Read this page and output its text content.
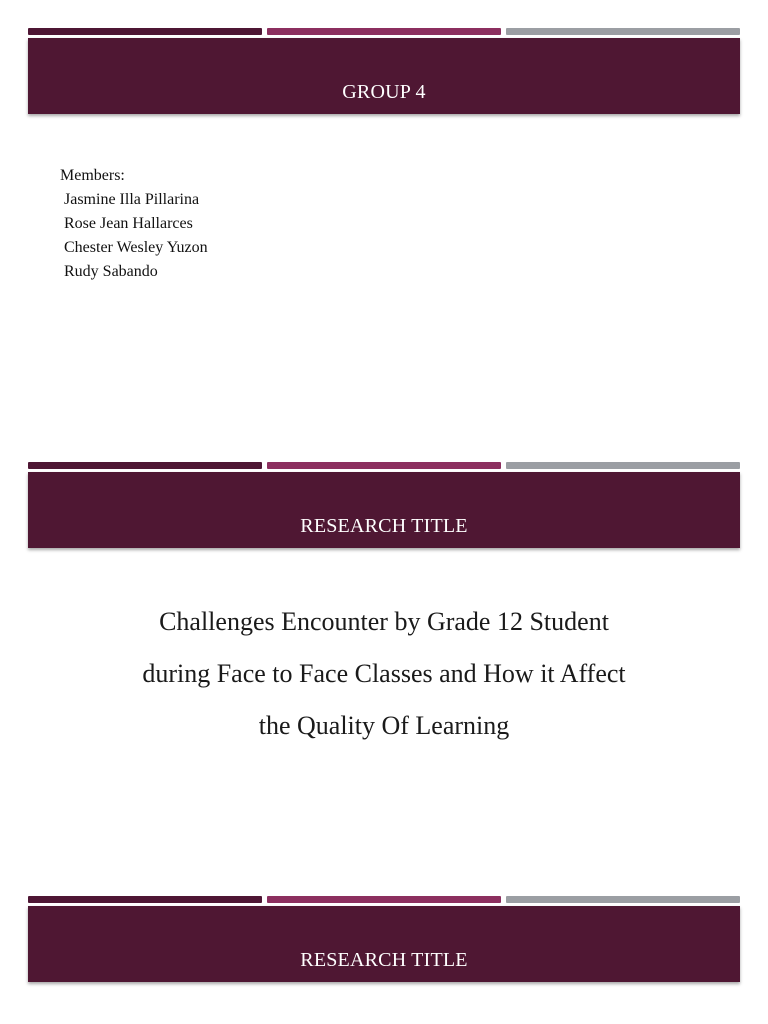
GROUP 4
Members:
Jasmine Illa Pillarina
Rose Jean Hallarces
Chester Wesley Yuzon
Rudy Sabando
RESEARCH TITLE
Challenges Encounter by Grade 12 Student
during Face to Face Classes and How it Affect
the Quality Of Learning
RESEARCH TITLE
